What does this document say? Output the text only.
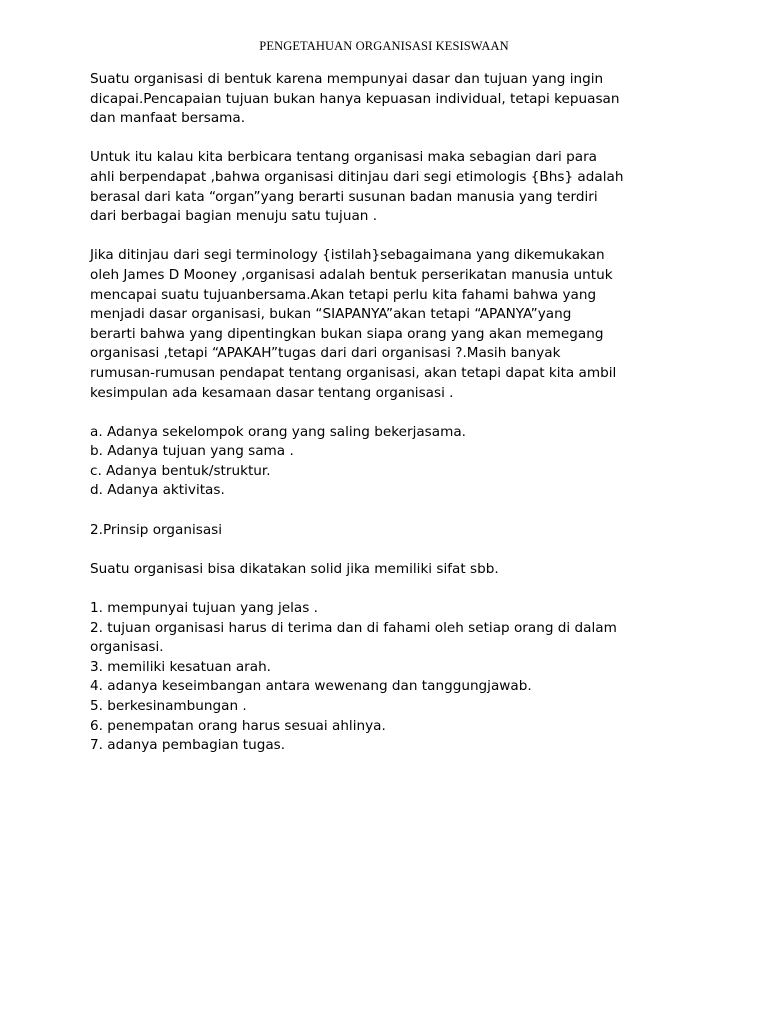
PENGETAHUAN ORGANISASI KESISWAAN
Suatu organisasi di bentuk karena mempunyai dasar dan tujuan yang ingin
dicapai.Pencapaian tujuan bukan hanya kepuasan individual, tetapi kepuasan
dan manfaat bersama.
Untuk itu kalau kita berbicara tentang organisasi maka sebagian dari para
ahli berpendapat ,bahwa organisasi ditinjau dari segi etimologis {Bhs} adalah
berasal dari kata “organ”yang berarti susunan badan manusia yang terdiri
dari berbagai bagian menuju satu tujuan .
Jika ditinjau dari segi terminology {istilah}sebagaimana yang dikemukakan
oleh James D Mooney ,organisasi adalah bentuk perserikatan manusia untuk
mencapai suatu tujuanbersama.Akan tetapi perlu kita fahami bahwa yang
menjadi dasar organisasi, bukan “SIAPANYA”akan tetapi “APANYA”yang
berarti bahwa yang dipentingkan bukan siapa orang yang akan memegang
organisasi ,tetapi “APAKAH”tugas dari dari organisasi ?.Masih banyak
rumusan-rumusan pendapat tentang organisasi, akan tetapi dapat kita ambil
kesimpulan ada kesamaan dasar tentang organisasi .
a. Adanya sekelompok orang yang saling bekerjasama.
b. Adanya tujuan yang sama .
c. Adanya bentuk/struktur.
d. Adanya aktivitas.
2.Prinsip organisasi
Suatu organisasi bisa dikatakan solid jika memiliki sifat sbb.
1. mempunyai tujuan yang jelas .
2. tujuan organisasi harus di terima dan di fahami oleh setiap orang di dalam
organisasi.
3. memiliki kesatuan arah.
4. adanya keseimbangan antara wewenang dan tanggungjawab.
5. berkesinambungan .
6. penempatan orang harus sesuai ahlinya.
7. adanya pembagian tugas.
